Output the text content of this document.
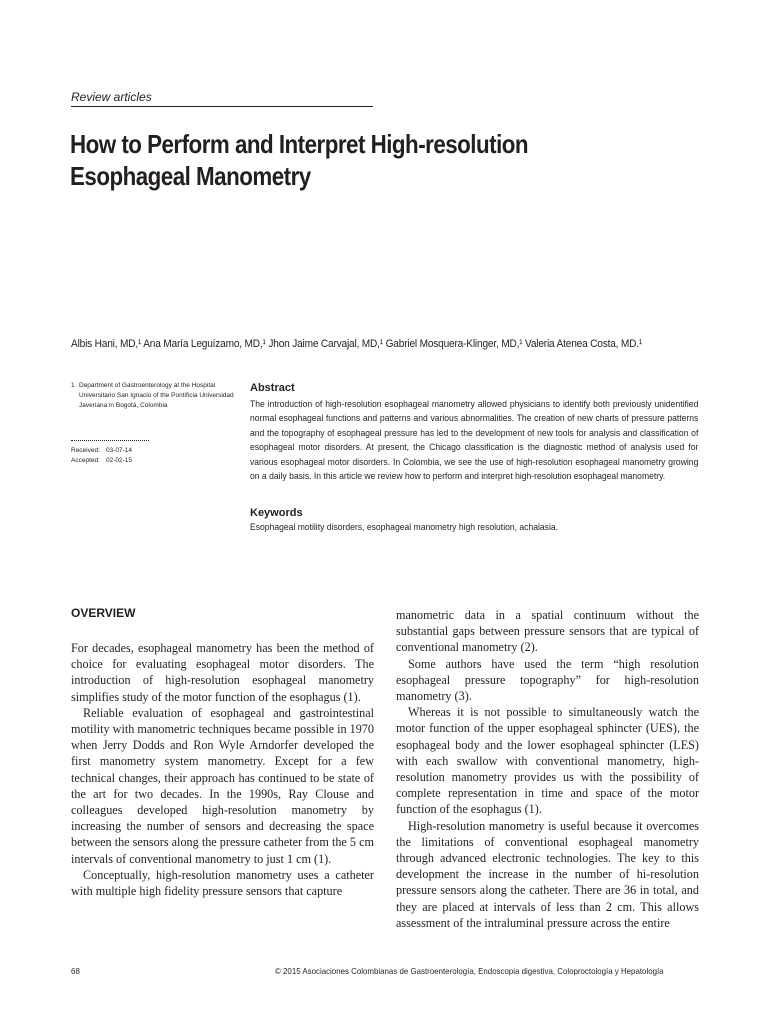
Review articles
How to Perform and Interpret High-resolution Esophageal Manometry
Albis Hani, MD,¹ Ana María Leguízamo, MD,¹ Jhon Jaime Carvajal, MD,¹ Gabriel Mosquera-Klinger, MD,¹ Valeria Atenea Costa, MD.¹
1 Department of Gastroenterology at the Hospital Universitario San Ignacio of the Pontificia Universidad Javeriana in Bogotá, Colombia
Received: 03-07-14
Accepted: 02-02-15
Abstract
The introduction of high-resolution esophageal manometry allowed physicians to identify both previously unidentified normal esophageal functions and patterns and various abnormalities. The creation of new charts of pressure patterns and the topography of esophageal pressure has led to the development of new tools for analysis and classification of esophageal motor disorders. At present, the Chicago classification is the diagnostic method of analysis used for various esophageal motor disorders. In Colombia, we see the use of high-resolution esophageal manometry growing on a daily basis. In this article we review how to perform and interpret high-resolution esophageal manometry.
Keywords
Esophageal motility disorders, esophageal manometry high resolution, achalasia.
OVERVIEW

For decades, esophageal manometry has been the method of choice for evaluating esophageal motor disorders. The introduction of high-resolution esophageal manometry simplifies study of the motor function of the esophagus (1).

Reliable evaluation of esophageal and gastrointestinal motility with manometric techniques became possible in 1970 when Jerry Dodds and Ron Wyle Arndorfer developed the first manometry system manometry. Except for a few technical changes, their approach has continued to be state of the art for two decades. In the 1990s, Ray Clouse and colleagues developed high-resolution manometry by increasing the number of sensors and decreasing the space between the sensors along the pressure catheter from the 5 cm intervals of conventional manometry to just 1 cm (1).

Conceptually, high-resolution manometry uses a catheter with multiple high fidelity pressure sensors that capture

manometric data in a spatial continuum without the substantial gaps between pressure sensors that are typical of conventional manometry (2).

Some authors have used the term “high resolution esophageal pressure topography” for high-resolution manometry (3).

Whereas it is not possible to simultaneously watch the motor function of the upper esophageal sphincter (UES), the esophageal body and the lower esophageal sphincter (LES) with each swallow with conventional manometry, high-resolution manometry provides us with the possibility of complete representation in time and space of the motor function of the esophagus (1).

High-resolution manometry is useful because it overcomes the limitations of conventional esophageal manometry through advanced electronic technologies. The key to this development the increase in the number of hi-resolution pressure sensors along the catheter. There are 36 in total, and they are placed at intervals of less than 2 cm. This allows assessment of the intraluminal pressure across the entire

68	© 2015 Asociaciones Colombianas de Gastroenterología, Endoscopia digestiva, Coloproctología y Hepatología
